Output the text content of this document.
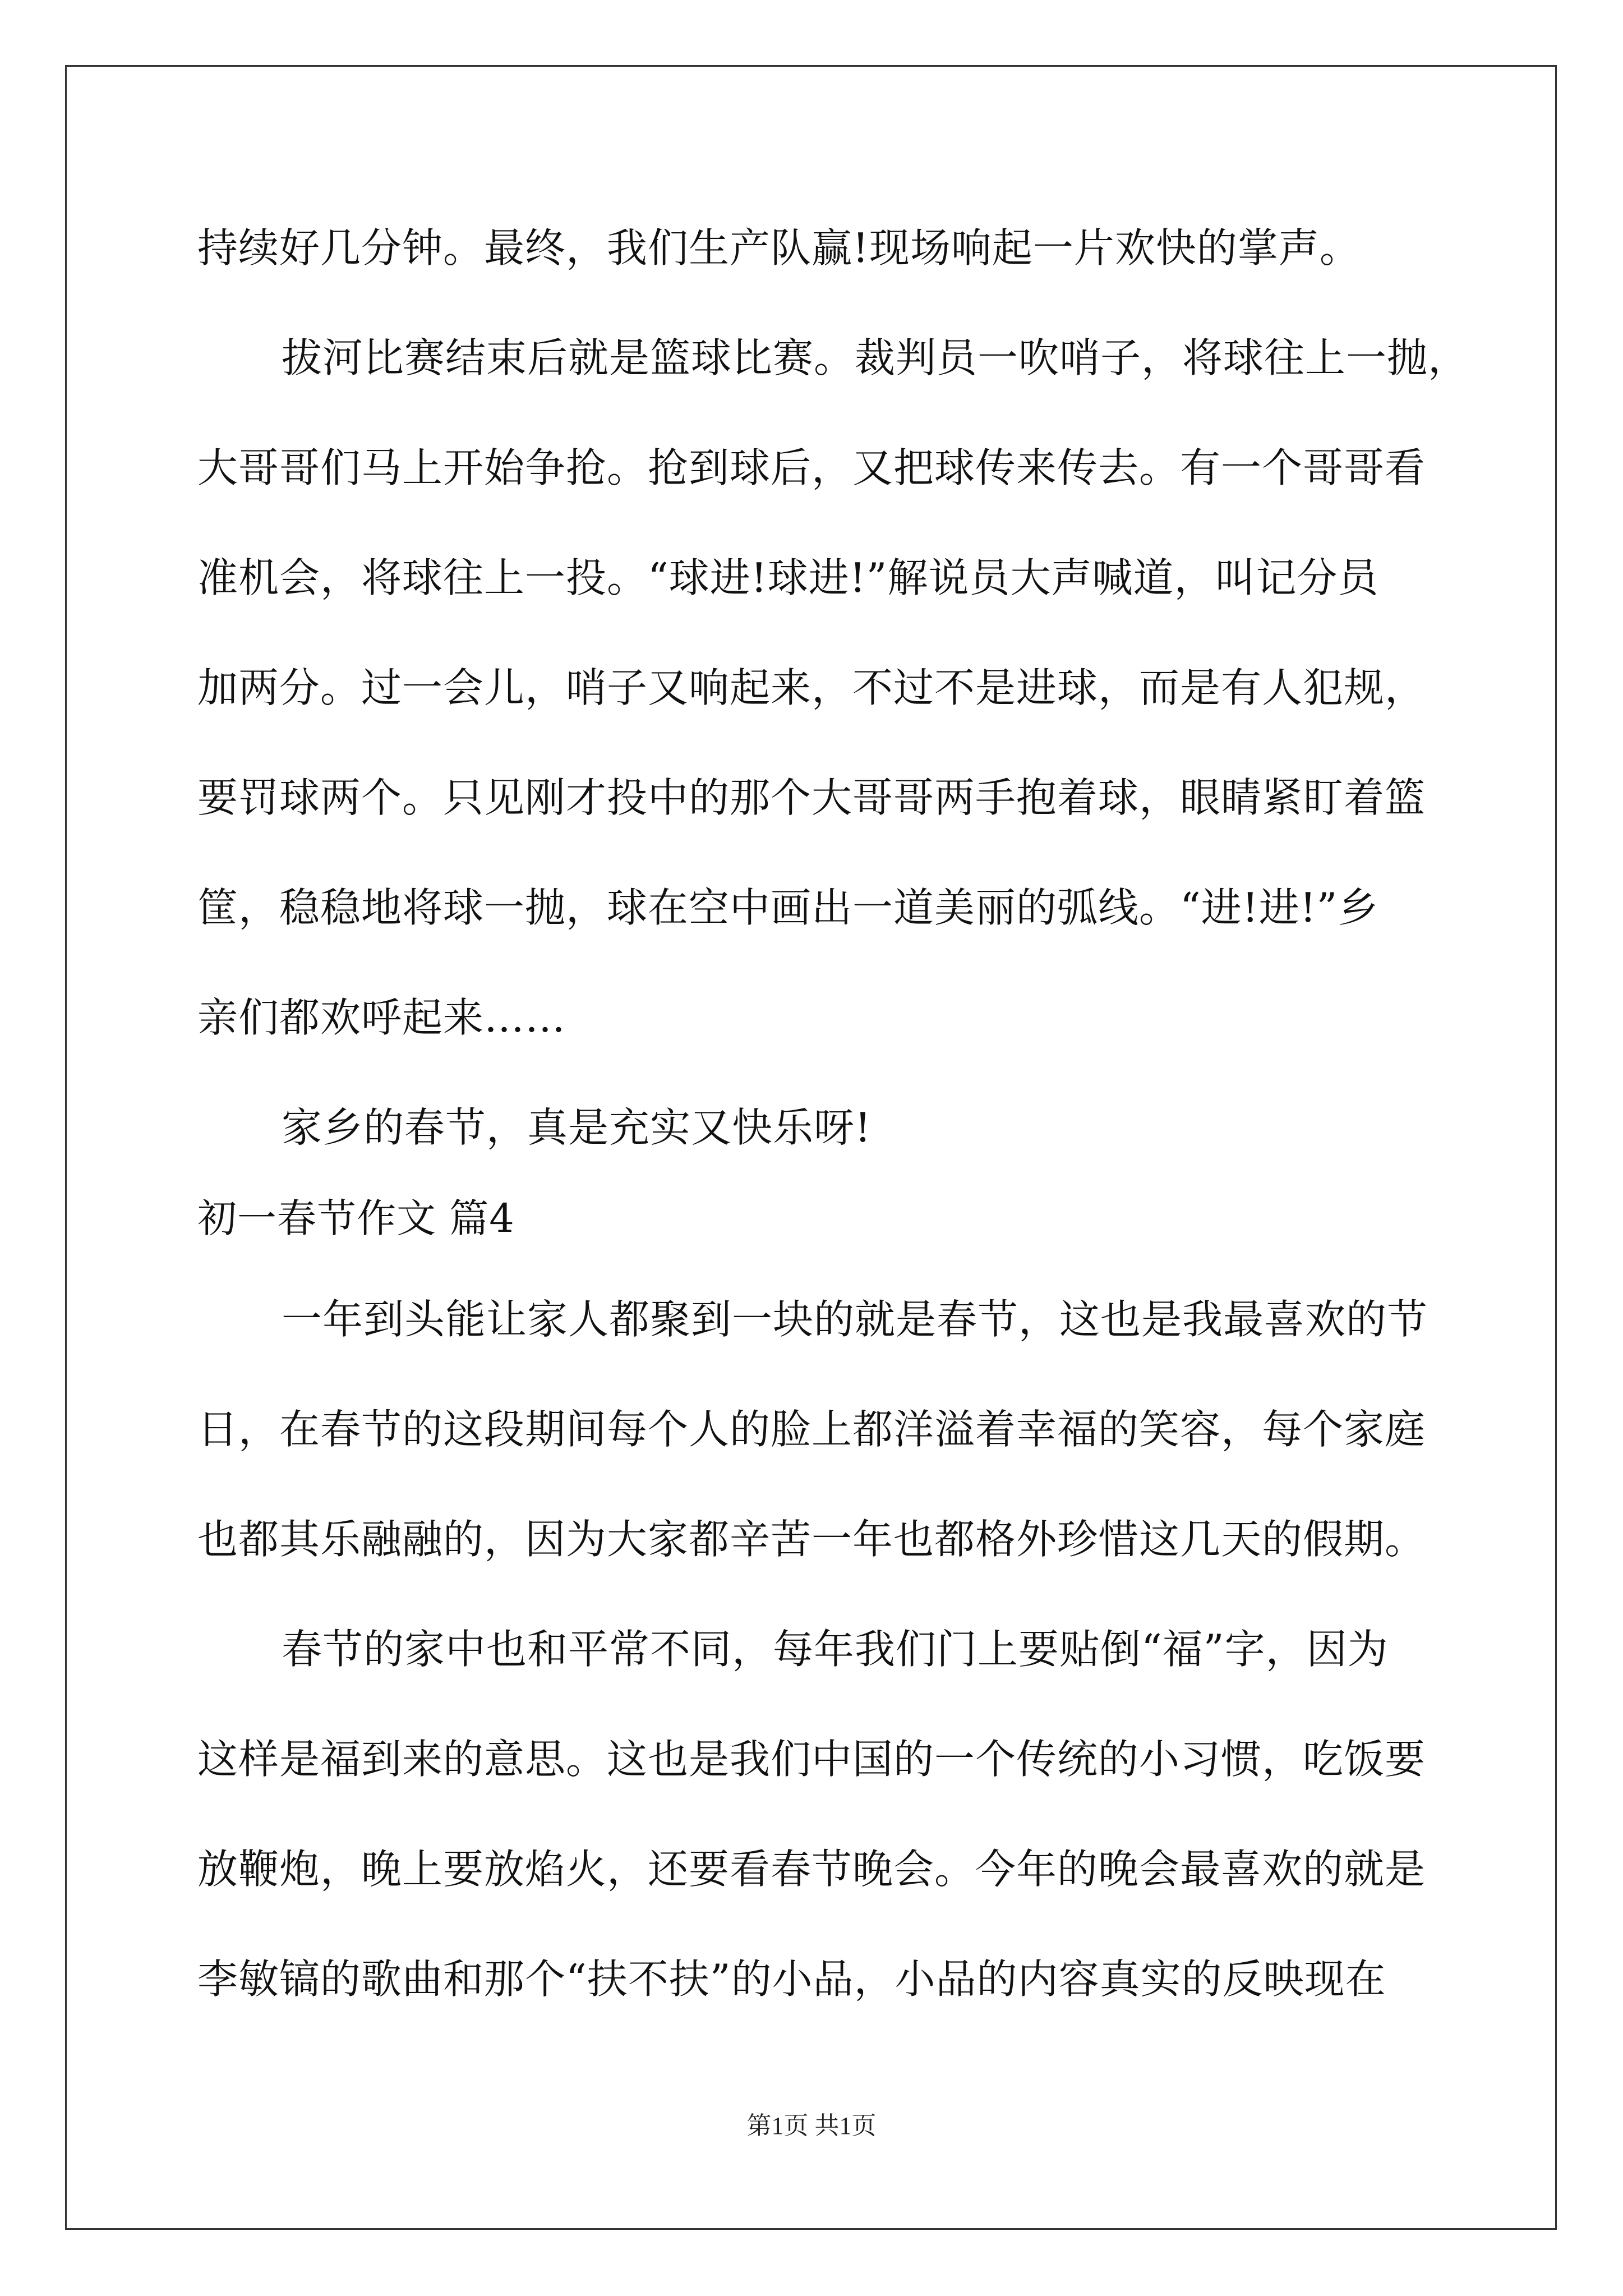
持续好几分钟。最终，我们生产队赢!现场响起一片欢快的掌声。
拔河比赛结束后就是篮球比赛。裁判员一吹哨子，将球往上一抛，
大哥哥们马上开始争抢。抢到球后，又把球传来传去。有一个哥哥看
准机会，将球往上一投。“球进!球进!”解说员大声喊道，叫记分员
加两分。过一会儿，哨子又响起来，不过不是进球，而是有人犯规，
要罚球两个。只见刚才投中的那个大哥哥两手抱着球，眼睛紧盯着篮
筐，稳稳地将球一抛，球在空中画出一道美丽的弧线。“进!进!”乡
亲们都欢呼起来……
家乡的春节，真是充实又快乐呀!
初一春节作文 篇4
一年到头能让家人都聚到一块的就是春节，这也是我最喜欢的节
日，在春节的这段期间每个人的脸上都洋溢着幸福的笑容，每个家庭
也都其乐融融的，因为大家都辛苦一年也都格外珍惜这几天的假期。
春节的家中也和平常不同，每年我们门上要贴倒“福”字，因为
这样是福到来的意思。这也是我们中国的一个传统的小习惯，吃饭要
放鞭炮，晚上要放焰火，还要看春节晚会。今年的晚会最喜欢的就是
李敏镐的歌曲和那个“扶不扶”的小品，小品的内容真实的反映现在
第1页 共1页
